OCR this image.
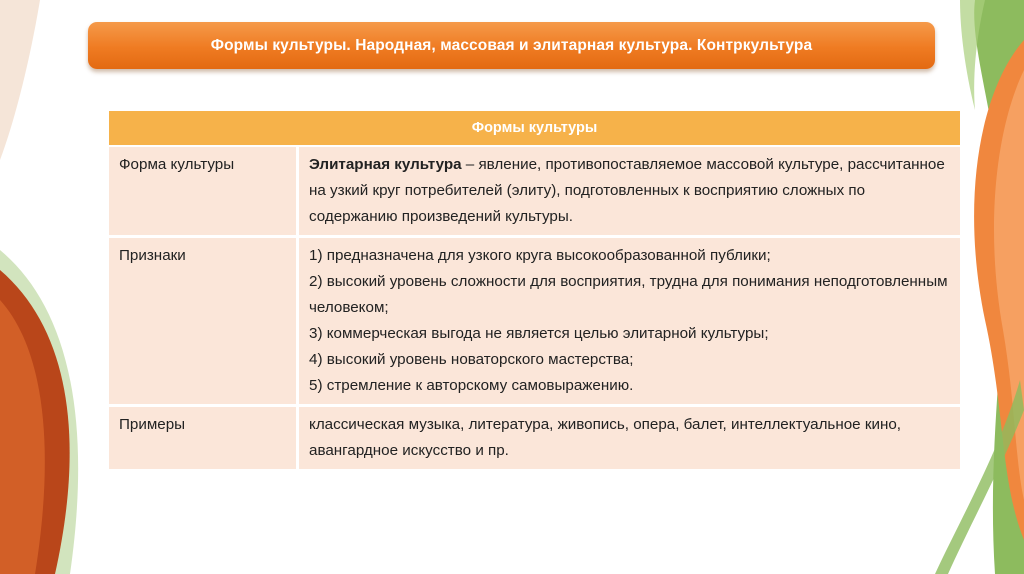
Формы культуры. Народная, массовая и элитарная культура. Контркультура
Формы культуры	
Форма культуры	Элитарная культура – явление, противопоставляемое массовой культуре, рассчитанное на узкий круг потребителей (элиту), подготовленных к восприятию сложных по содержанию произведений культуры.
Признаки	1) предназначена для узкого круга высокообразованной публики;
2) высокий уровень сложности для восприятия, трудна для понимания неподготовленным человеком;
3) коммерческая выгода не является целью элитарной культуры;
4) высокий уровень новаторского мастерства;
5) стремление к авторскому самовыражению.

Примеры	классическая музыка, литература, живопись, опера, балет, интеллектуальное кино, авангардное искусство и пр.
